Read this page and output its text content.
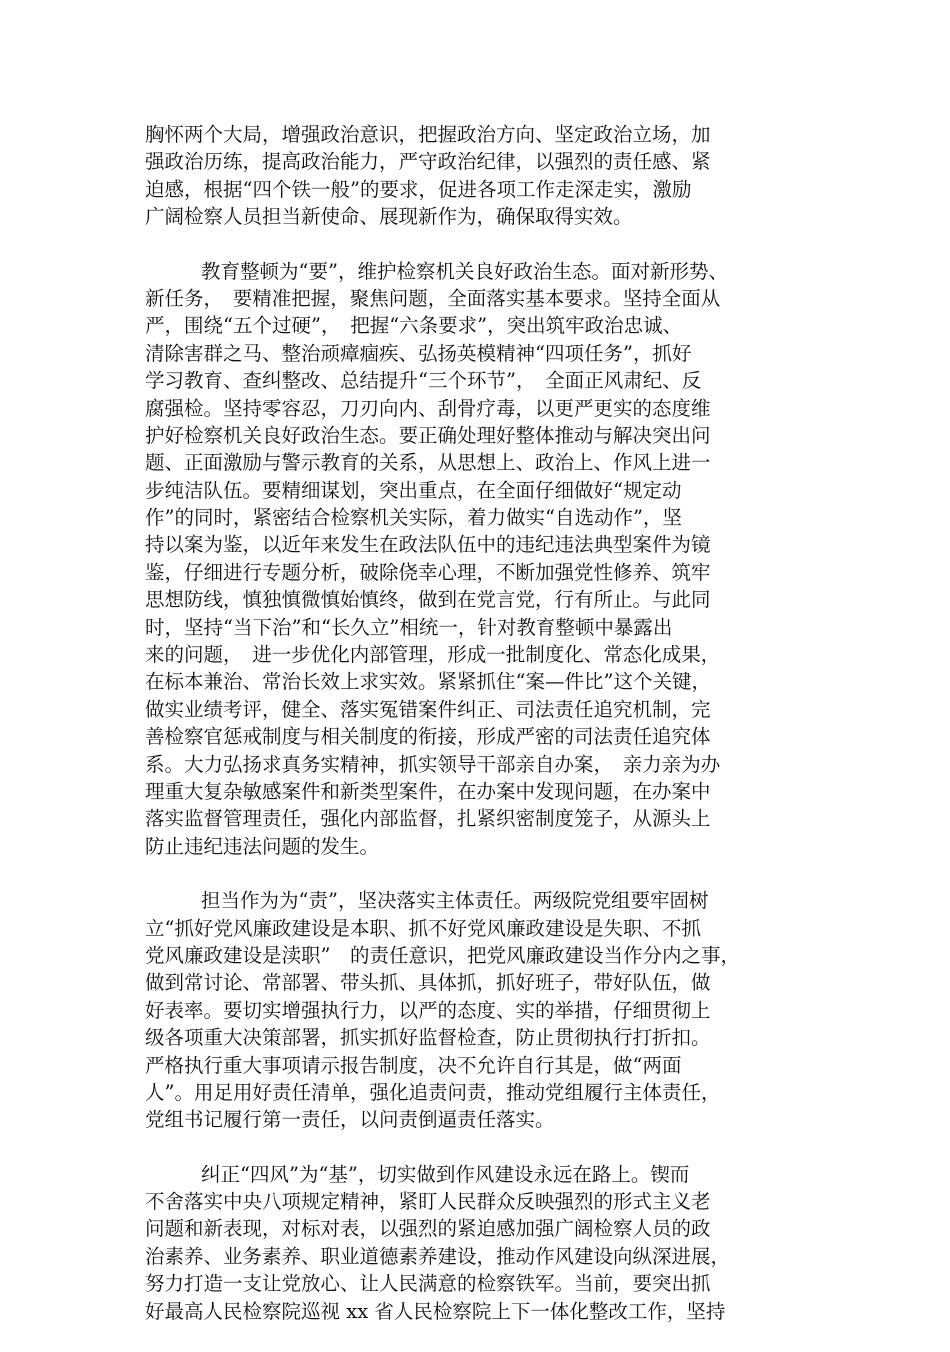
胸怀两个大局，增强政治意识，把握政治方向、坚定政治立场，加
强政治历练，提高政治能力，严守政治纪律，以强烈的责任感、紧
迫感，根据“四个铁一般”的要求，促进各项工作走深走实，激励
广阔检察人员担当新使命、展现新作为，确保取得实效。
教育整顿为“要”，维护检察机关良好政治生态。面对新形势、
新任务，　要精准把握，聚焦问题，全面落实基本要求。坚持全面从
严，围绕“五个过硬”，　把握“六条要求”，突出筑牢政治忠诚、
清除害群之马、整治顽瘴痼疾、弘扬英模精神“四项任务”，抓好
学习教育、查纠整改、总结提升“三个环节”，　全面正风肃纪、反
腐强检。坚持零容忍，刀刃向内、刮骨疗毒，以更严更实的态度维
护好检察机关良好政治生态。要正确处理好整体推动与解决突出问
题、正面激励与警示教育的关系，从思想上、政治上、作风上进一
步纯洁队伍。要精细谋划，突出重点，在全面仔细做好“规定动
作”的同时，紧密结合检察机关实际，着力做实“自选动作”，坚
持以案为鉴，以近年来发生在政法队伍中的违纪违法典型案件为镜
鉴，仔细进行专题分析，破除侥幸心理，不断加强党性修养、筑牢
思想防线，慎独慎微慎始慎终，做到在党言党，行有所止。与此同
时，坚持“当下治”和“长久立”相统一，针对教育整顿中暴露出
来的问题，　进一步优化内部管理，形成一批制度化、常态化成果，
在标本兼治、常治长效上求实效。紧紧抓住“案—件比”这个关键，
做实业绩考评，健全、落实冤错案件纠正、司法责任追究机制，完
善检察官惩戒制度与相关制度的衔接，形成严密的司法责任追究体
系。大力弘扬求真务实精神，抓实领导干部亲自办案，　亲力亲为办
理重大复杂敏感案件和新类型案件，在办案中发现问题，在办案中
落实监督管理责任，强化内部监督，扎紧织密制度笼子，从源头上
防止违纪违法问题的发生。
担当作为为“责”，坚决落实主体责任。两级院党组要牢固树
立“抓好党风廉政建设是本职、抓不好党风廉政建设是失职、不抓
党风廉政建设是渎职”　的责任意识，把党风廉政建设当作分内之事，
做到常讨论、常部署、带头抓、具体抓，抓好班子，带好队伍，做
好表率。要切实增强执行力，以严的态度、实的举措，仔细贯彻上
级各项重大决策部署，抓实抓好监督检查，防止贯彻执行打折扣。
严格执行重大事项请示报告制度，决不允许自行其是，做“两面
人”。用足用好责任清单，强化追责问责，推动党组履行主体责任，
党组书记履行第一责任，以问责倒逼责任落实。
纠正“四风”为“基”，切实做到作风建设永远在路上。锲而
不舍落实中央八项规定精神，紧盯人民群众反映强烈的形式主义老
问题和新表现，对标对表，以强烈的紧迫感加强广阔检察人员的政
治素养、业务素养、职业道德素养建设，推动作风建设向纵深进展，
努力打造一支让党放心、让人民满意的检察铁军。当前，要突出抓
好最高人民检察院巡视 xx 省人民检察院上下一体化整改工作，坚持
